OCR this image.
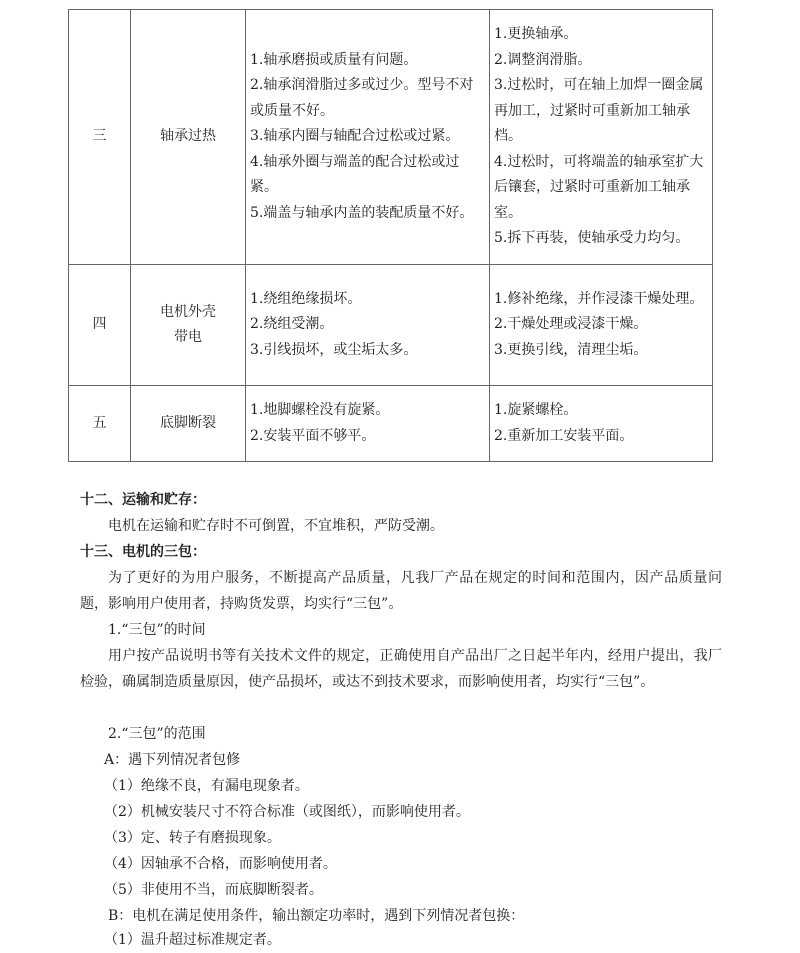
三	轴承过热	1.轴承磨损或质量有问题。
2.轴承润滑脂过多或过少。型号不对或质量不好。
3.轴承内圈与轴配合过松或过紧。
4.轴承外圈与端盖的配合过松或过紧。
5.端盖与轴承内盖的装配质量不好。	1.更换轴承。
2.调整润滑脂。
3.过松时，可在轴上加焊一圈金属再加工，过紧时可重新加工轴承档。
4.过松时，可将端盖的轴承室扩大后镶套，过紧时可重新加工轴承室。
5.拆下再装，使轴承受力均匀。

四	电机外壳
带电	1.绕组绝缘损坏。
2.绕组受潮。
3.引线损坏，或尘垢太多。	1.修补绝缘，并作浸漆干燥处理。
2.干燥处理或浸漆干燥。
3.更换引线，清理尘垢。

五	底脚断裂	1.地脚螺栓没有旋紧。
2.安装平面不够平。	1.旋紧螺栓。
2.重新加工安装平面。
十二、运输和贮存：
电机在运输和贮存时不可倒置，不宜堆积，严防受潮。
十三、电机的三包：
为了更好的为用户服务，不断提高产品质量，凡我厂产品在规定的时间和范围内，因产品质量问题，影响用户使用者，持购货发票，均实行“三包”。
1.“三包”的时间
用户按产品说明书等有关技术文件的规定，正确使用自产品出厂之日起半年内，经用户提出，我厂检验，确属制造质量原因，使产品损坏，或达不到技术要求，而影响使用者，均实行“三包”。
2.“三包”的范围
A：遇下列情况者包修
（1）绝缘不良，有漏电现象者。
（2）机械安装尺寸不符合标准（或图纸），而影响使用者。
（3）定、转子有磨损现象。
（4）因轴承不合格，而影响使用者。
（5）非使用不当，而底脚断裂者。
B：电机在满足使用条件，输出额定功率时，遇到下列情况者包换：
（1）温升超过标准规定者。
